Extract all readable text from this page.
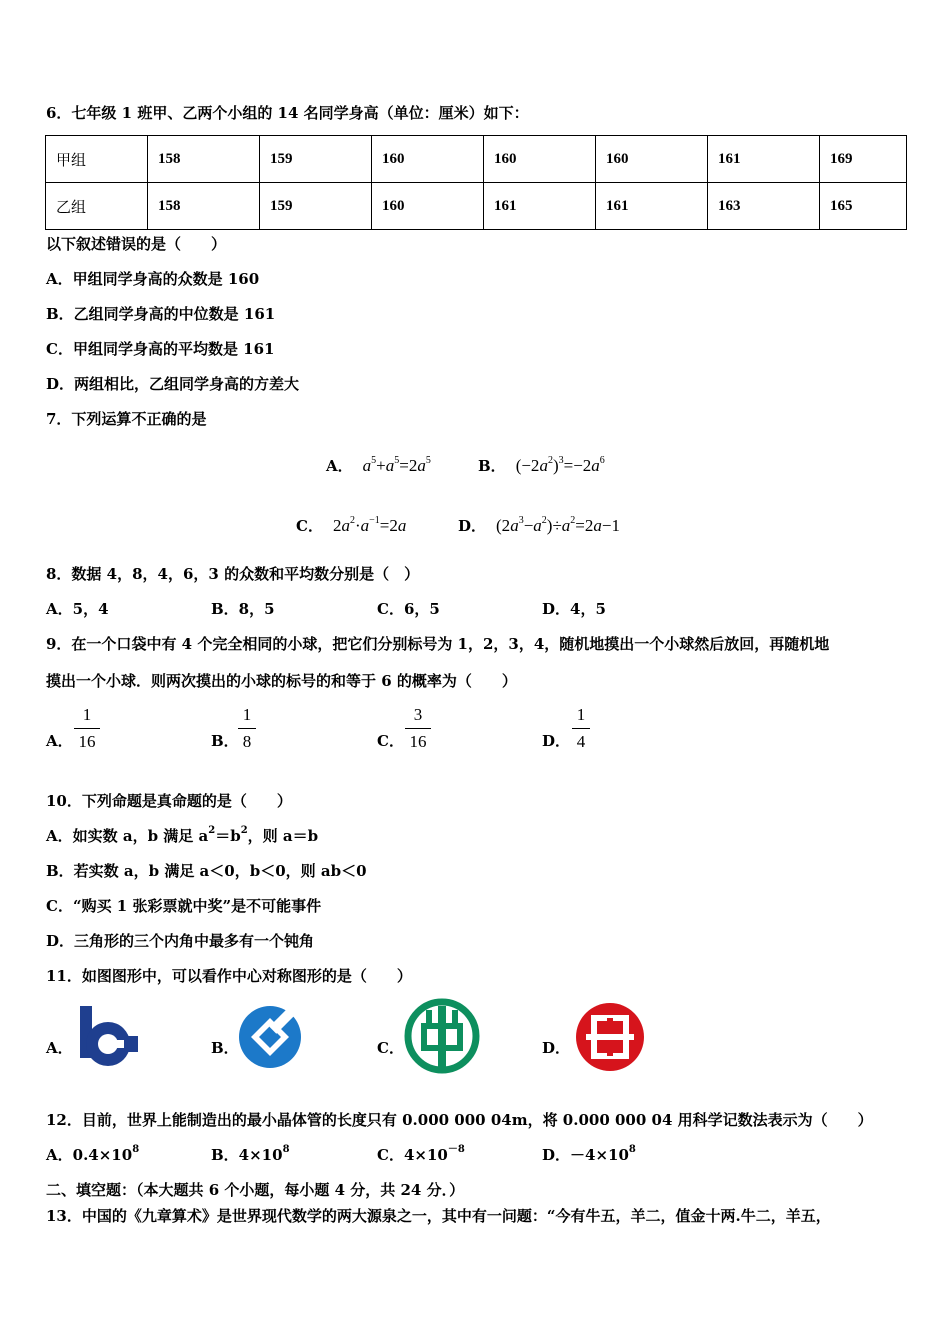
6．七年级 1 班甲、乙两个小组的 14 名同学身高（单位：厘米）如下：
甲组	158	159	160	160	160	161	169
乙组	158	159	160	161	161	163	165
以下叙述错误的是（　　）
A．甲组同学身高的众数是 160
B．乙组同学身高的中位数是 161
C．甲组同学身高的平均数是 161
D．两组相比，乙组同学身高的方差大
7．下列运算不正确的是
A． $a^5+a^5=2a^5$	B． $(-2a^2)^3=-2a^6$
C． $2a^2\cdot a^{-1}=2a$	D． $(2a^3-a^2)\div a^2=2a-1$
8．数据 4，8，4，6，3 的众数和平均数分别是（　）
A．5，4	B．8，5	C．6，5	D．4，5
9．在一个口袋中有 4 个完全相同的小球，把它们分别标号为 1，2，3，4，随机地摸出一个小球然后放回，再随机地
摸出一个小球．则两次摸出的小球的标号的和等于 6 的概率为（　　）
A．
1
16	B．
1
8	C．
3
16	D．
1
4
10．下列命题是真命题的是（　　）
A．如实数 a，b 满足 $a^2=b^2$，则 a＝b
B．若实数 a，b 满足 a＜0，b＜0，则 ab＜0
C．“购买 1 张彩票就中奖”是不可能事件
D．三角形的三个内角中最多有一个钝角
11．如图图形中，可以看作中心对称图形的是（　　）
A．	B．	C．	D．
12．目前，世界上能制造出的最小晶体管的长度只有 0.000 000 04m，将 0.000 000 04 用科学记数法表示为（　　）
A．$0.4\times 10^8$	B．$4\times 10^8$	C．$4\times 10^{-8}$	D．$-4\times 10^8$
二、填空题：（本大题共 6 个小题，每小题 4 分，共 24 分．）
13．中国的《九章算术》是世界现代数学的两大源泉之一，其中有一问题：“今有牛五，羊二，值金十两.牛二，羊五，
